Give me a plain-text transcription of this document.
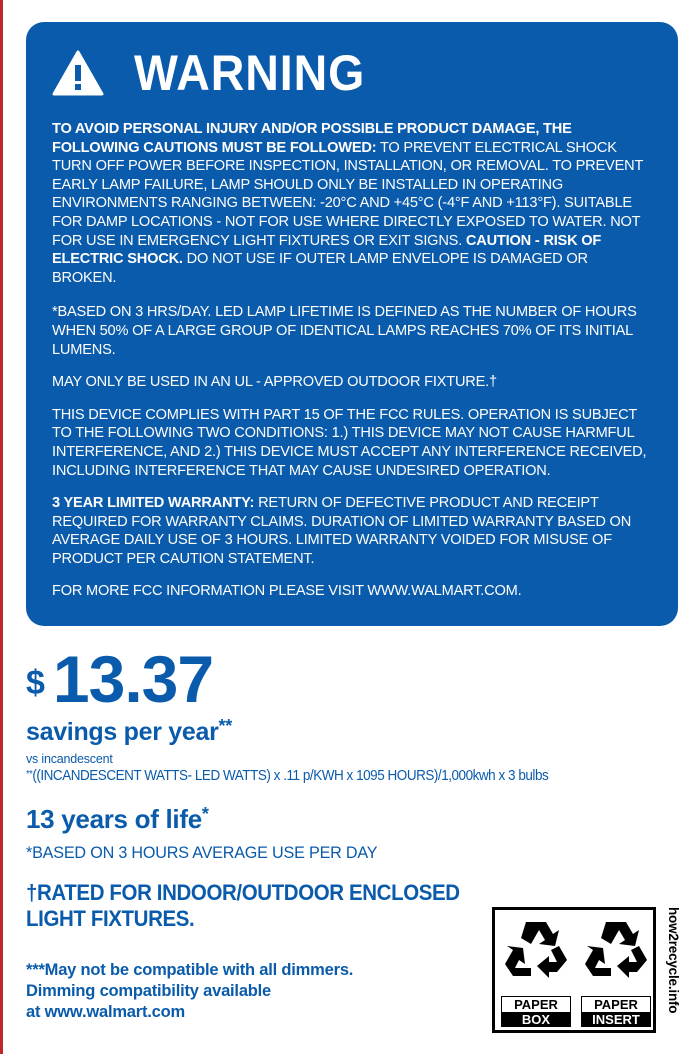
WARNING

TO AVOID PERSONAL INJURY AND/OR POSSIBLE PRODUCT DAMAGE, THE FOLLOWING CAUTIONS MUST BE FOLLOWED: TO PREVENT ELECTRICAL SHOCK TURN OFF POWER BEFORE INSPECTION, INSTALLATION, OR REMOVAL. TO PREVENT EARLY LAMP FAILURE, LAMP SHOULD ONLY BE INSTALLED IN OPERATING ENVIRONMENTS RANGING BETWEEN: -20°C AND +45°C (-4°F AND +113°F). SUITABLE FOR DAMP LOCATIONS - NOT FOR USE WHERE DIRECTLY EXPOSED TO WATER. NOT FOR USE IN EMERGENCY LIGHT FIXTURES OR EXIT SIGNS. CAUTION - RISK OF ELECTRIC SHOCK. DO NOT USE IF OUTER LAMP ENVELOPE IS DAMAGED OR BROKEN.

*BASED ON 3 HRS/DAY. LED LAMP LIFETIME IS DEFINED AS THE NUMBER OF HOURS WHEN 50% OF A LARGE GROUP OF IDENTICAL LAMPS REACHES 70% OF ITS INITIAL LUMENS.

MAY ONLY BE USED IN AN UL - APPROVED OUTDOOR FIXTURE.†

THIS DEVICE COMPLIES WITH PART 15 OF THE FCC RULES. OPERATION IS SUBJECT TO THE FOLLOWING TWO CONDITIONS: 1.) THIS DEVICE MAY NOT CAUSE HARMFUL INTERFERENCE, AND 2.) THIS DEVICE MUST ACCEPT ANY INTERFERENCE RECEIVED, INCLUDING INTERFERENCE THAT MAY CAUSE UNDESIRED OPERATION.

3 YEAR LIMITED WARRANTY: RETURN OF DEFECTIVE PRODUCT AND RECEIPT REQUIRED FOR WARRANTY CLAIMS. DURATION OF LIMITED WARRANTY BASED ON AVERAGE DAILY USE OF 3 HOURS. LIMITED WARRANTY VOIDED FOR MISUSE OF PRODUCT PER CAUTION STATEMENT.

FOR MORE FCC INFORMATION PLEASE VISIT WWW.WALMART.COM.

$ 13.37

savings per year**

vs incandescent

**((INCANDESCENT WATTS- LED WATTS) x .11 p/KWH x 1095 HOURS)/1,000kwh x 3 bulbs

13 years of life*

*BASED ON 3 HOURS AVERAGE USE PER DAY

†RATED FOR INDOOR/OUTDOOR ENCLOSED LIGHT FIXTURES.

***May not be compatible with all dimmers.
Dimming compatibility available
at www.walmart.com	PAPER
BOX
PAPER
INSERT
how2recycle.info
